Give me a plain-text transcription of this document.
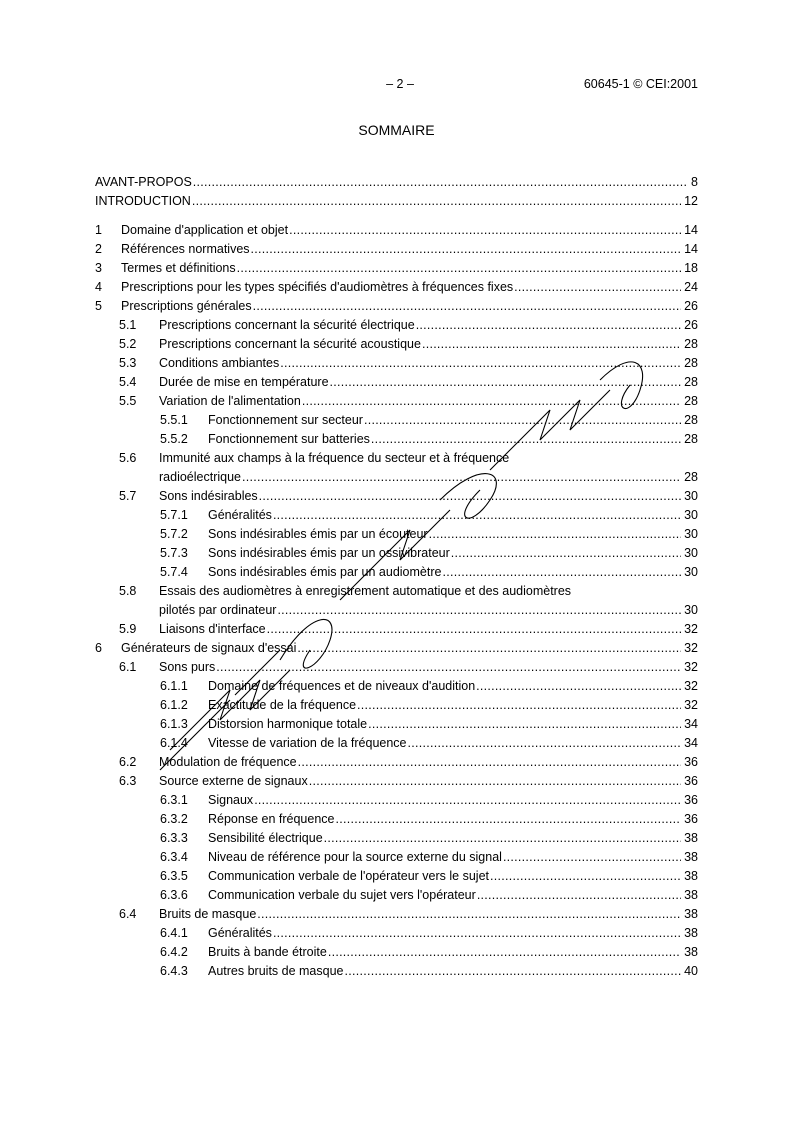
– 2 –	60645-1 © CEI:2001
SOMMAIRE
AVANT-PROPOS . . .	8
INTRODUCTION . . .	12
1 Domaine d'application et objet . . .	14
2 Références normatives . . .	14
3 Termes et définitions . . .	18
4 Prescriptions pour les types spécifiés d'audiomètres à fréquences fixes . . .	24
5 Prescriptions générales . . .	26
5.1 Prescriptions concernant la sécurité électrique . . .	26
5.2 Prescriptions concernant la sécurité acoustique . . .	28
5.3 Conditions ambiantes . . .	28
5.4 Durée de mise en température . . .	28
5.5 Variation de l'alimentation . . .	28
5.5.1 Fonctionnement sur secteur . . .	28
5.5.2 Fonctionnement sur batteries . . .	28
5.6 Immunité aux champs à la fréquence du secteur et à fréquence
radioélectrique . . .	28
5.7 Sons indésirables . . .	30
5.7.1 Généralités . . .	30
5.7.2 Sons indésirables émis par un écouteur . . .	30
5.7.3 Sons indésirables émis par un ossivibrateur . . .	30
5.7.4 Sons indésirables émis par un audiomètre . . .	30
5.8 Essais des audiomètres à enregistrement automatique et des audiomètres
pilotés par ordinateur . . .	30
5.9 Liaisons d'interface . . .	32
6 Générateurs de signaux d'essai . . .	32
6.1 Sons purs . . .	32
6.1.1 Domaine de fréquences et de niveaux d'audition . . .	32
6.1.2 Exactitude de la fréquence . . .	32
6.1.3 Distorsion harmonique totale . . .	34
6.1.4 Vitesse de variation de la fréquence . . .	34
6.2 Modulation de fréquence . . .	36
6.3 Source externe de signaux . . .	36
6.3.1 Signaux . . .	36
6.3.2 Réponse en fréquence . . .	36
6.3.3 Sensibilité électrique . . .	38
6.3.4 Niveau de référence pour la source externe du signal . . .	38
6.3.5 Communication verbale de l'opérateur vers le sujet . . .	38
6.3.6 Communication verbale du sujet vers l'opérateur . . .	38
6.4 Bruits de masque . . .	38
6.4.1 Généralités . . .	38
6.4.2 Bruits à bande étroite . . .	38
6.4.3 Autres bruits de masque . . .	40
